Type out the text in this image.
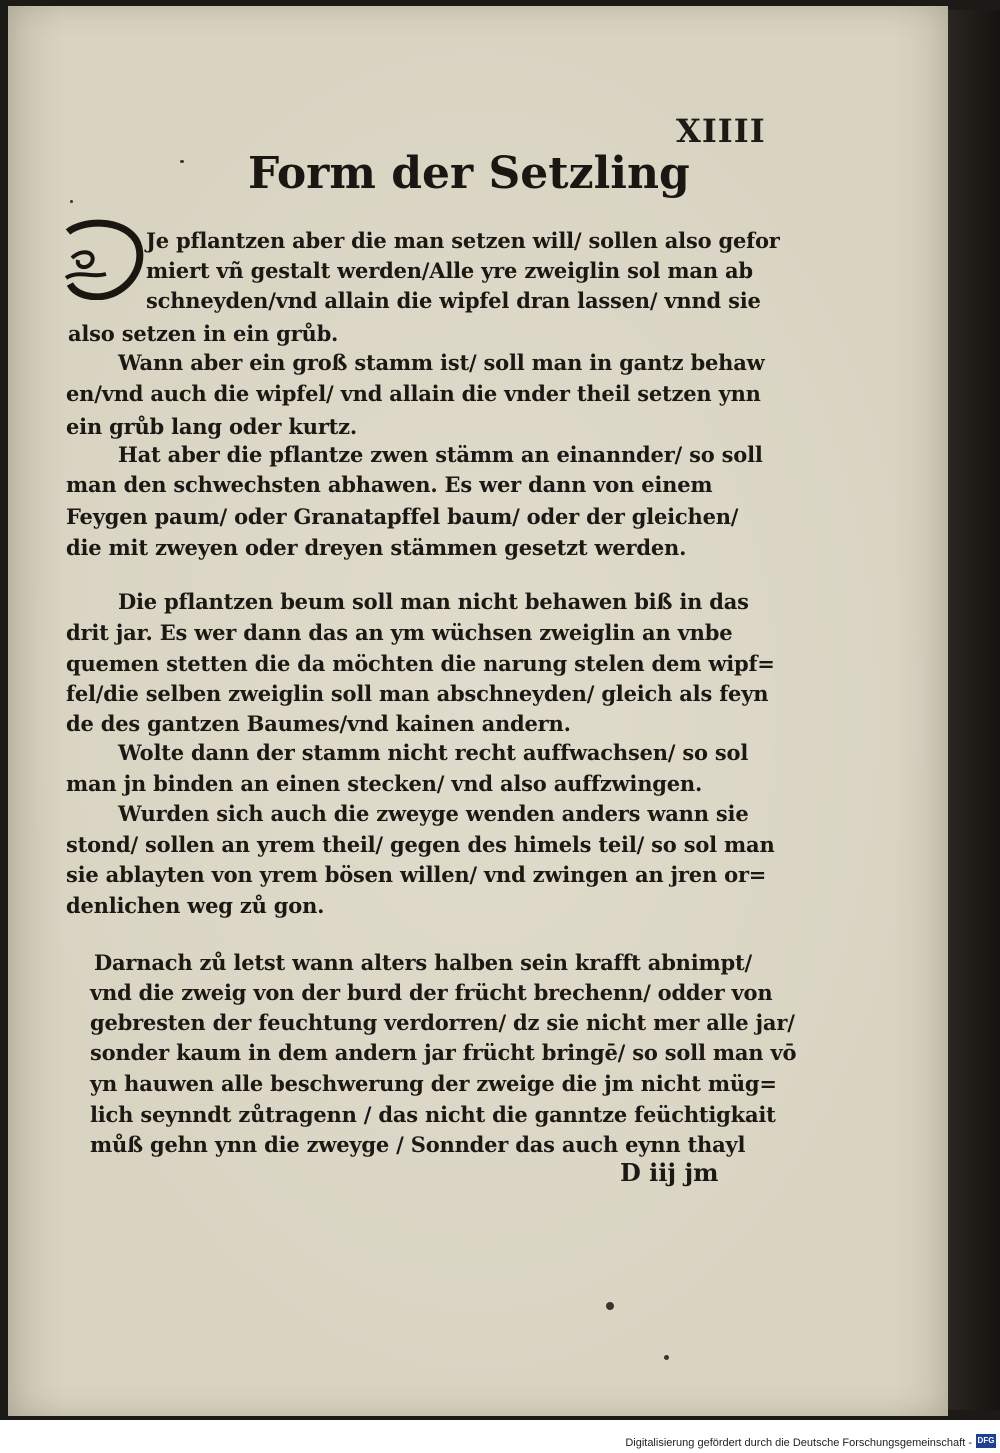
XIIII
Form der Setzling
Je pflantzen aber die man setzen will/ sollen also gefor
miert vñ gestalt werden/Alle yre zweiglin sol man ab
schneyden/vnd allain die wipfel dran lassen/ vnnd sie
also setzen in ein grůb.
Wann aber ein groß stamm ist/ soll man in gantz behaw
en/vnd auch die wipfel/ vnd allain die vnder theil setzen ynn
ein grůb lang oder kurtz.
Hat aber die pflantze zwen stämm an einannder/ so soll
man den schwechsten abhawen. Es wer dann von einem
Feygen paum/ oder Granatapffel baum/ oder der gleichen/
die mit zweyen oder dreyen stämmen gesetzt werden.
Die pflantzen beum soll man nicht behawen biß in das
drit jar. Es wer dann das an ym wüchsen zweiglin an vnbe
quemen stetten die da möchten die narung stelen dem wipf=
fel/die selben zweiglin soll man abschneyden/ gleich als feyn
de des gantzen Baumes/vnd kainen andern.
Wolte dann der stamm nicht recht auffwachsen/ so sol
man jn binden an einen stecken/ vnd also auffzwingen.
Wurden sich auch die zweyge wenden anders wann sie
stond/ sollen an yrem theil/ gegen des himels teil/ so sol man
sie ablayten von yrem bösen willen/ vnd zwingen an jren or=
denlichen weg zů gon.
Darnach zů letst wann alters halben sein krafft abnimpt/
vnd die zweig von der burd der frücht brechenn/ odder von
gebresten der feuchtung verdorren/ dz sie nicht mer alle jar/
sonder kaum in dem andern jar frücht bringē/ so soll man vō
yn hauwen alle beschwerung der zweige die jm nicht müg=
lich seynndt zůtragenn / das nicht die ganntze feüchtigkait
můß gehn ynn die zweyge / Sonnder das auch eynn thayl
D iij jm
Digitalisierung gefördert durch die Deutsche Forschungsgemeinschaft - DFG
